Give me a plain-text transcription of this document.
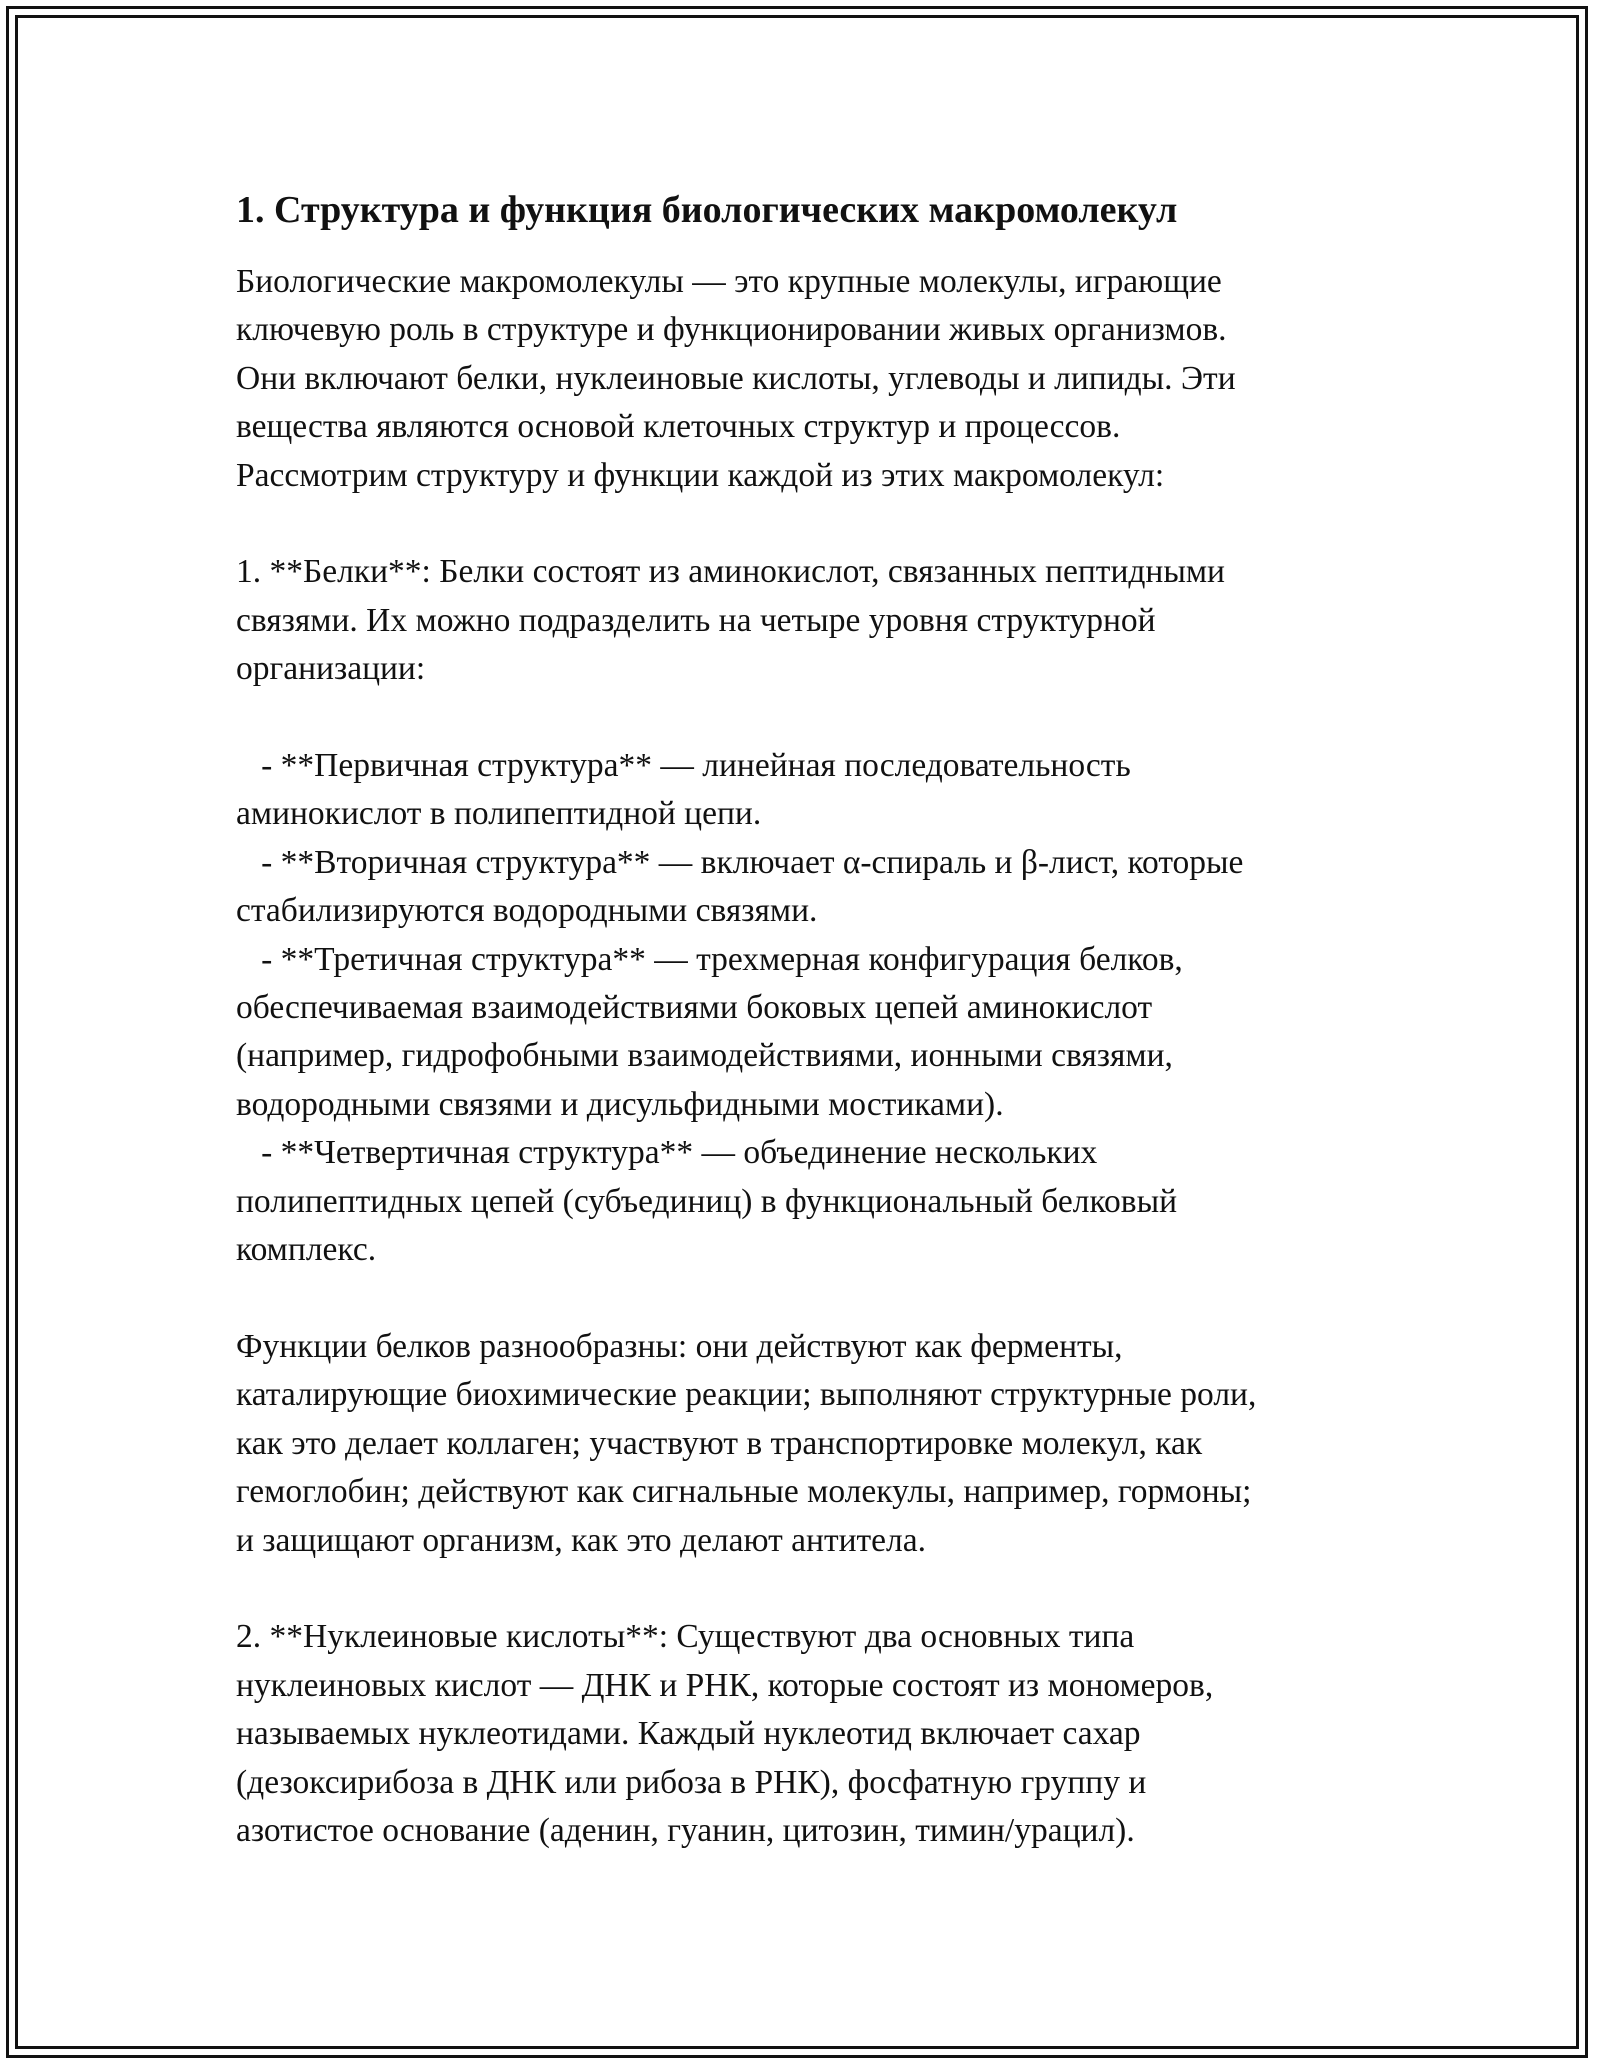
1. Структура и функция биологических макромолекул
Биологические макромолекулы — это крупные молекулы, играющие
ключевую роль в структуре и функционировании живых организмов.
Они включают белки, нуклеиновые кислоты, углеводы и липиды. Эти
вещества являются основой клеточных структур и процессов.
Рассмотрим структуру и функции каждой из этих макромолекул:
1. **Белки**: Белки состоят из аминокислот, связанных пептидными
связями. Их можно подразделить на четыре уровня структурной
организации:
- **Первичная структура** — линейная последовательность
аминокислот в полипептидной цепи.
- **Вторичная структура** — включает α-спираль и β-лист, которые
стабилизируются водородными связями.
- **Третичная структура** — трехмерная конфигурация белков,
обеспечиваемая взаимодействиями боковых цепей аминокислот
(например, гидрофобными взаимодействиями, ионными связями,
водородными связями и дисульфидными мостиками).
- **Четвертичная структура** — объединение нескольких
полипептидных цепей (субъединиц) в функциональный белковый
комплекс.
Функции белков разнообразны: они действуют как ферменты,
каталирующие биохимические реакции; выполняют структурные роли,
как это делает коллаген; участвуют в транспортировке молекул, как
гемоглобин; действуют как сигнальные молекулы, например, гормоны;
и защищают организм, как это делают антитела.
2. **Нуклеиновые кислоты**: Существуют два основных типа
нуклеиновых кислот — ДНК и РНК, которые состоят из мономеров,
называемых нуклеотидами. Каждый нуклеотид включает сахар
(дезоксирибоза в ДНК или рибоза в РНК), фосфатную группу и
азотистое основание (аденин, гуанин, цитозин, тимин/урацил).
